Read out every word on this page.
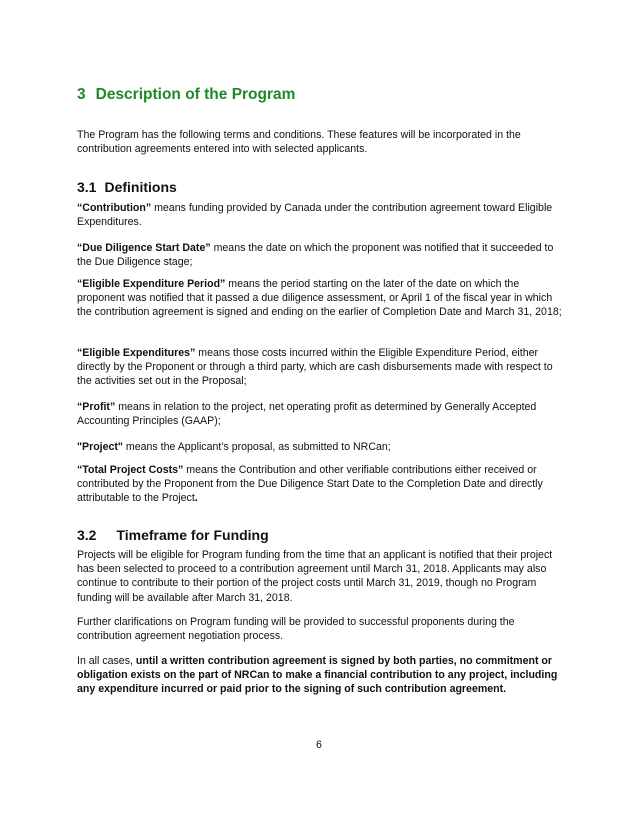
3 Description of the Program

The Program has the following terms and conditions. These features will be incorporated in the contribution agreements entered into with selected applicants.

3.1 Definitions

“Contribution” means funding provided by Canada under the contribution agreement toward Eligible Expenditures.

“Due Diligence Start Date” means the date on which the proponent was notified that it succeeded to the Due Diligence stage;

“Eligible Expenditure Period” means the period starting on the later of the date on which the proponent was notified that it passed a due diligence assessment, or April 1 of the fiscal year in which the contribution agreement is signed and ending on the earlier of Completion Date and March 31, 2018;

“Eligible Expenditures” means those costs incurred within the Eligible Expenditure Period, either directly by the Proponent or through a third party, which are cash disbursements made with respect to the activities set out in the Proposal;

“Profit” means in relation to the project, net operating profit as determined by Generally Accepted Accounting Principles (GAAP);

"Project" means the Applicant’s proposal, as submitted to NRCan;

“Total Project Costs” means the Contribution and other verifiable contributions either received or contributed by the Proponent from the Due Diligence Start Date to the Completion Date and directly attributable to the Project.

3.2 Timeframe for Funding

Projects will be eligible for Program funding from the time that an applicant is notified that their project has been selected to proceed to a contribution agreement until March 31, 2018. Applicants may also continue to contribute to their portion of the project costs until March 31, 2019, though no Program funding will be available after March 31, 2018.

Further clarifications on Program funding will be provided to successful proponents during the contribution agreement negotiation process.

In all cases, until a written contribution agreement is signed by both parties, no commitment or obligation exists on the part of NRCan to make a financial contribution to any project, including any expenditure incurred or paid prior to the signing of such contribution agreement.

6
